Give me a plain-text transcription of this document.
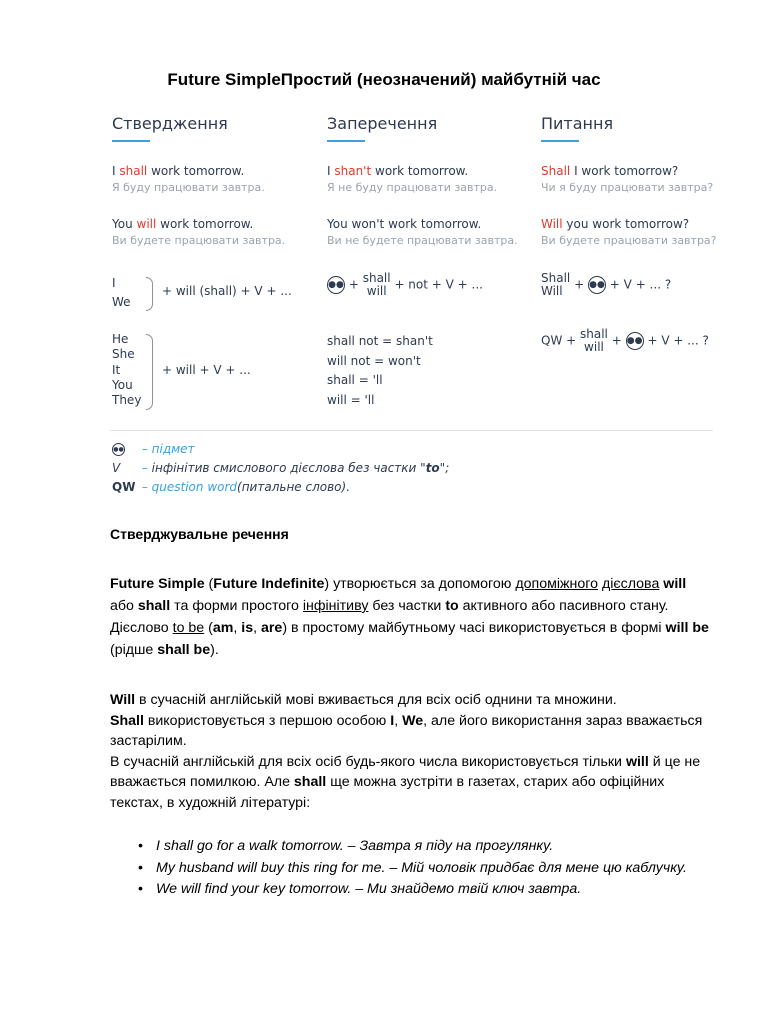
Future SimpleПростий (неозначений) майбутній час
Ствердження
I shall work tomorrow.
Я буду працювати завтра.
You will work tomorrow.
Ви будете працювати завтра.
I
We
+ will (shall) + V + ...
He
She
It
You
They
+ will + V + ...
Заперечення
I shan't work tomorrow.
Я не буду працювати завтра.
You won't work tomorrow.
Ви не будете працювати завтра.
●● + shall
will + not + V + ...
shall not = shan't
will not = won't
shall = 'll
will = 'll
Питання
Shall I work tomorrow?
Чи я буду працювати завтра?
Will you work tomorrow?
Ви будете працювати завтра?
Shall
Will + ●● + V + ... ?
QW + shall
will + ●● + V + ... ?
●● – підмет
V – інфінітив смислового дієслова без частки "to";
QW – question word(питальне слово).
Стверджувальне речення
Future Simple (Future Indefinite) утворюється за допомогою допоміжного дієслова will або shall та форми простого інфінітиву без частки to активного або пасивного стану. Дієслово to be (am, is, are) в простому майбутньому часі використовується в формі will be (рідше shall be).
Will в сучасній англійській мові вживається для всіх осіб однини та множини.
Shall використовується з першою особою I, We, але його використання зараз вважається застарілим.
В сучасній англійській для всіх осіб будь-якого числа використовується тільки will й це не вважається помилкою. Але shall ще можна зустріти в газетах, старих або офіційних текстах, в художній літературі:
• I shall go for a walk tomorrow. – Завтра я піду на прогулянку.
• My husband will buy this ring for me. – Мій чоловік придбає для мене цю каблучку.
• We will find your key tomorrow. – Ми знайдемо твій ключ завтра.
